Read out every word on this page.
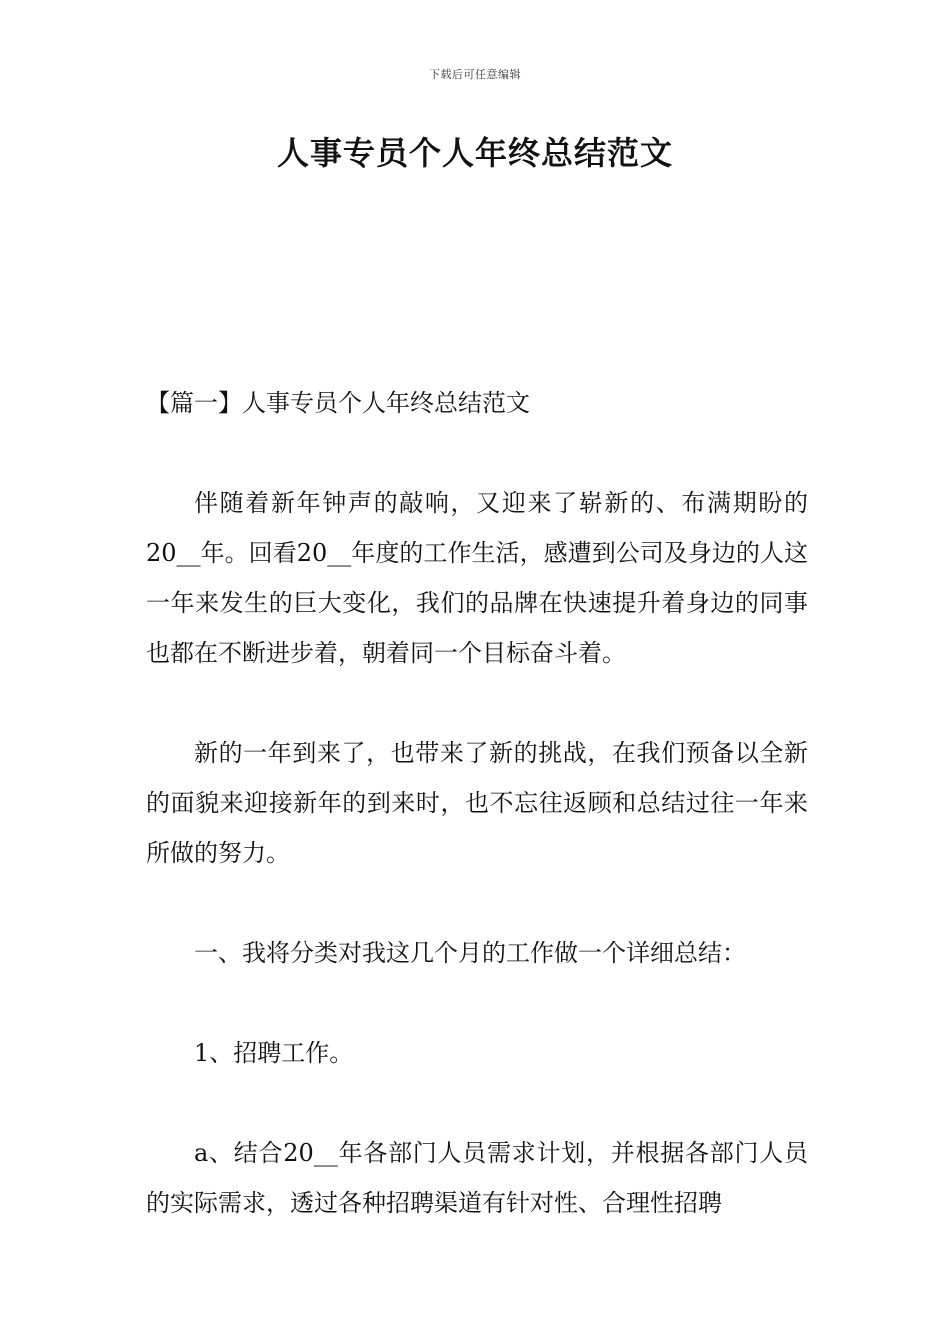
下载后可任意编辑
人事专员个人年终总结范文

【篇一】人事专员个人年终总结范文

伴随着新年钟声的敲响，又迎来了崭新的、布满期盼的20__年。回看20__年度的工作生活，感遭到公司及身边的人这一年来发生的巨大变化，我们的品牌在快速提升着身边的同事也都在不断进步着，朝着同一个目标奋斗着。

新的一年到来了，也带来了新的挑战，在我们预备以全新的面貌来迎接新年的到来时，也不忘往返顾和总结过往一年来所做的努力。

一、我将分类对我这几个月的工作做一个详细总结：

1、招聘工作。

a、结合20__年各部门人员需求计划，并根据各部门人员的实际需求，透过各种招聘渠道有针对性、合理性招聘
